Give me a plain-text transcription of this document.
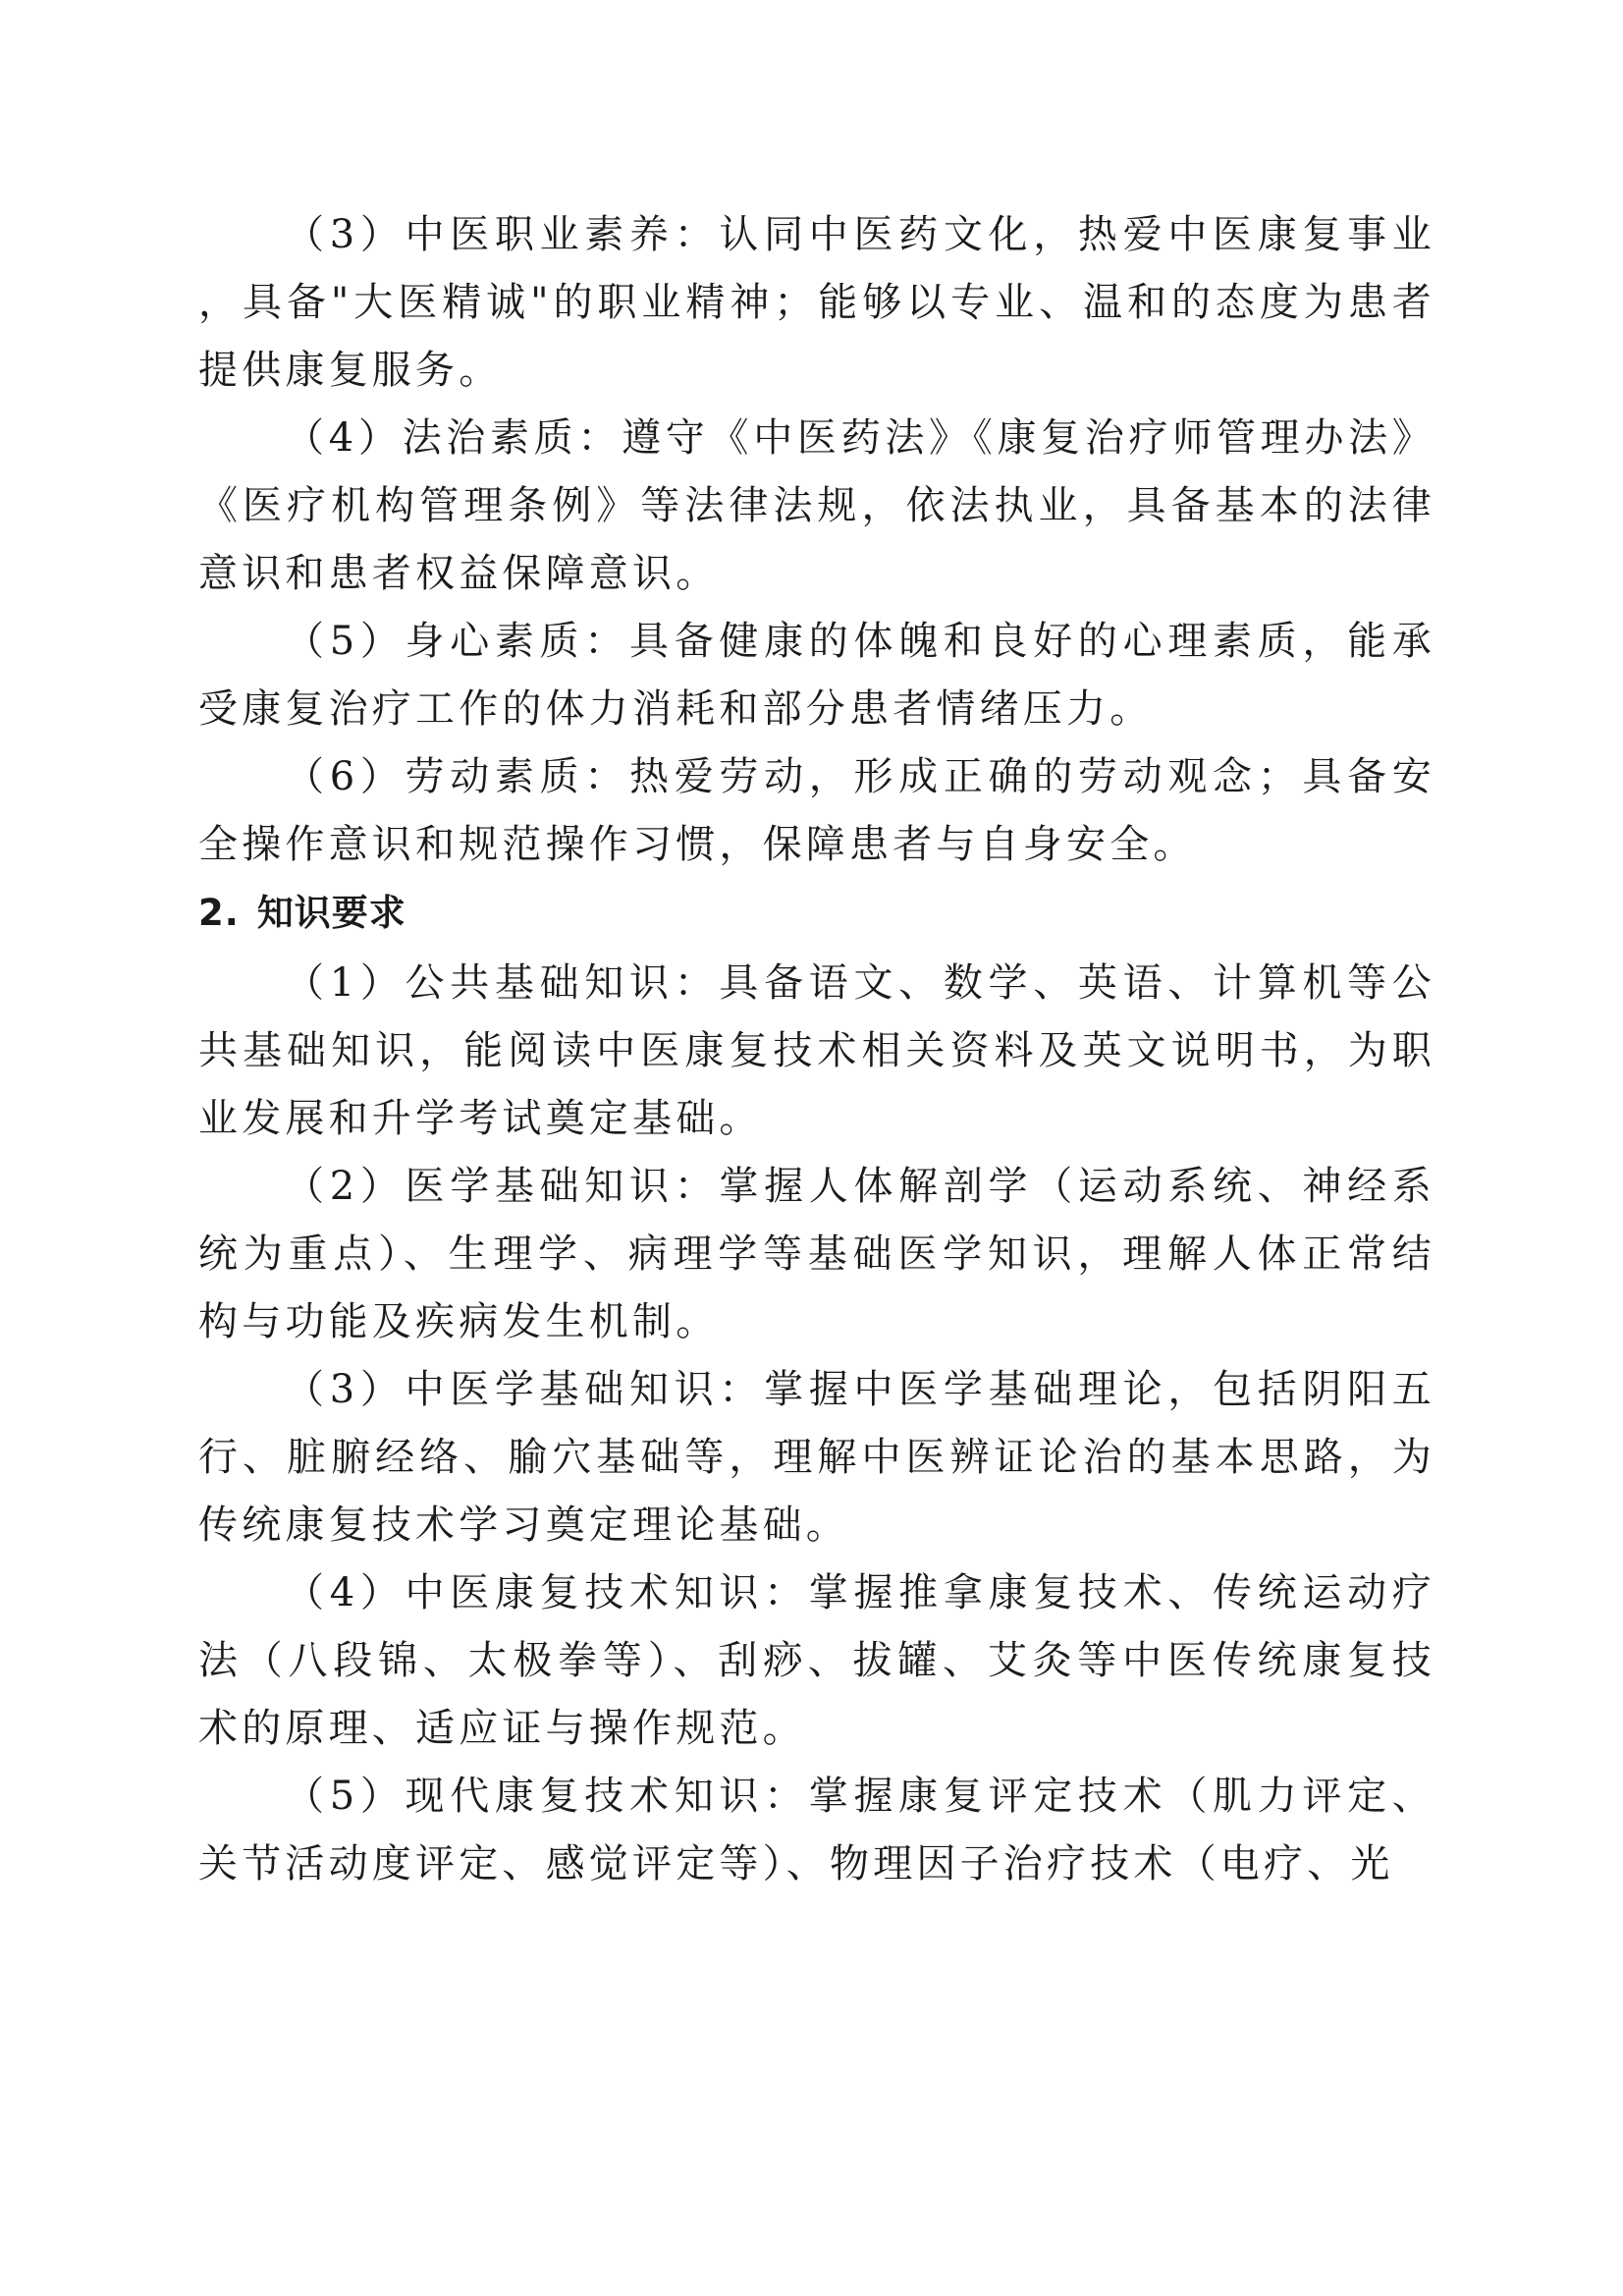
（3）中医职业素养：认同中医药文化，热爱中医康复事业，具备"大医精诚"的职业精神；能够以专业、温和的态度为患者提供康复服务。

（4）法治素质：遵守《中医药法》《康复治疗师管理办法》《医疗机构管理条例》等法律法规，依法执业，具备基本的法律意识和患者权益保障意识。

（5）身心素质：具备健康的体魄和良好的心理素质，能承受康复治疗工作的体力消耗和部分患者情绪压力。

（6）劳动素质：热爱劳动，形成正确的劳动观念；具备安全操作意识和规范操作习惯，保障患者与自身安全。

2. 知识要求

（1）公共基础知识：具备语文、数学、英语、计算机等公共基础知识，能阅读中医康复技术相关资料及英文说明书，为职业发展和升学考试奠定基础。

（2）医学基础知识：掌握人体解剖学（运动系统、神经系统为重点）、生理学、病理学等基础医学知识，理解人体正常结构与功能及疾病发生机制。

（3）中医学基础知识：掌握中医学基础理论，包括阴阳五行、脏腑经络、腧穴基础等，理解中医辨证论治的基本思路，为传统康复技术学习奠定理论基础。

（4）中医康复技术知识：掌握推拿康复技术、传统运动疗法（八段锦、太极拳等）、刮痧、拔罐、艾灸等中医传统康复技术的原理、适应证与操作规范。

（5）现代康复技术知识：掌握康复评定技术（肌力评定、关节活动度评定、感觉评定等）、物理因子治疗技术（电疗、光
